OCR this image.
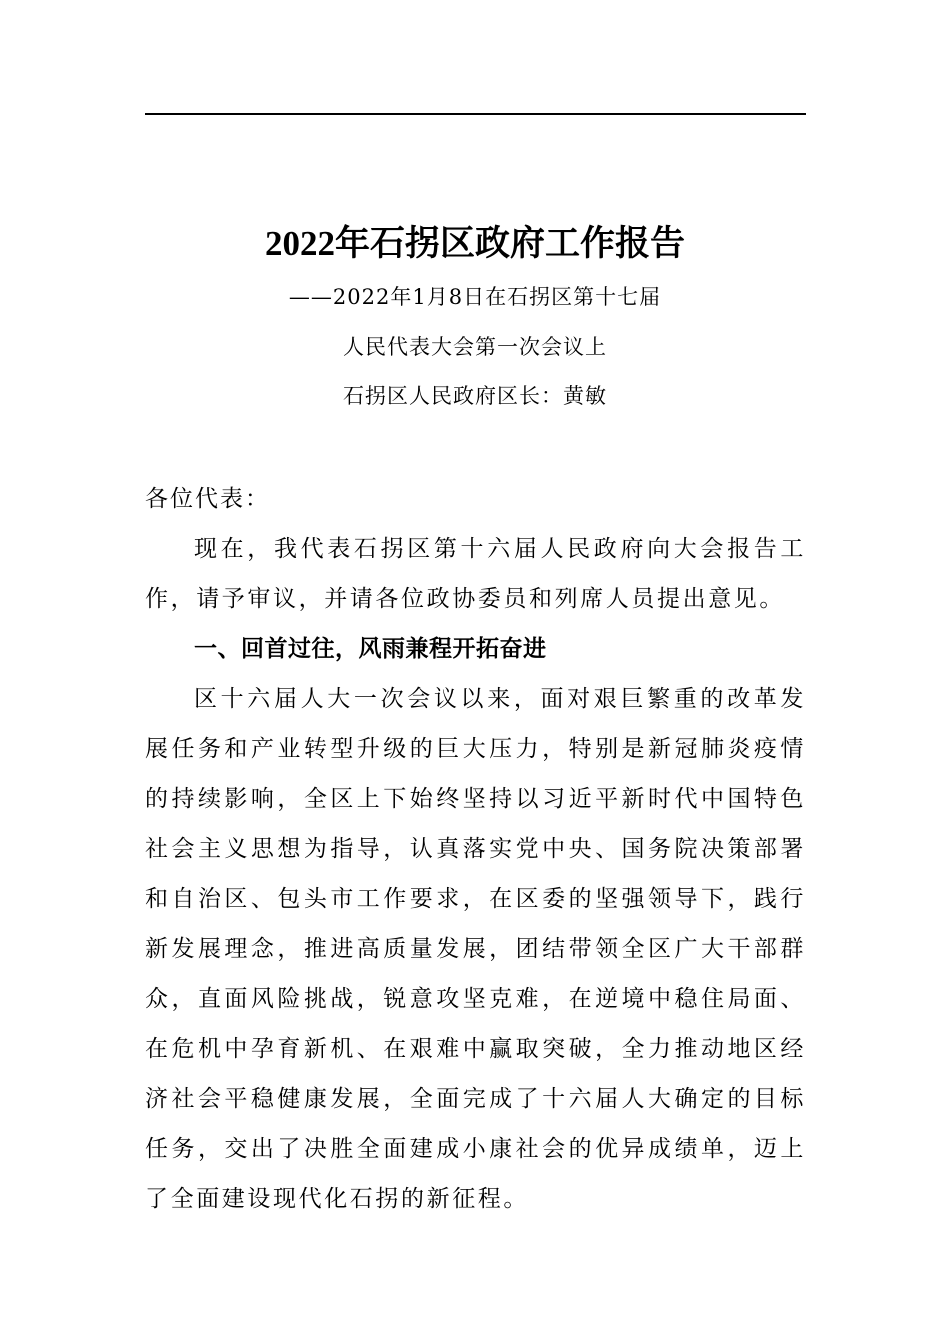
2022年石拐区政府工作报告
——2022年1月8日在石拐区第十七届
人民代表大会第一次会议上
石拐区人民政府区长：黄敏
各位代表：
现在，我代表石拐区第十六届人民政府向大会报告工作，请予审议，并请各位政协委员和列席人员提出意见。
一、回首过往，风雨兼程开拓奋进
区十六届人大一次会议以来，面对艰巨繁重的改革发展任务和产业转型升级的巨大压力，特别是新冠肺炎疫情的持续影响，全区上下始终坚持以习近平新时代中国特色社会主义思想为指导，认真落实党中央、国务院决策部署和自治区、包头市工作要求，在区委的坚强领导下，践行新发展理念，推进高质量发展，团结带领全区广大干部群众，直面风险挑战，锐意攻坚克难，在逆境中稳住局面、在危机中孕育新机、在艰难中赢取突破，全力推动地区经济社会平稳健康发展，全面完成了十六届人大确定的目标任务，交出了决胜全面建成小康社会的优异成绩单，迈上了全面建设现代化石拐的新征程。
